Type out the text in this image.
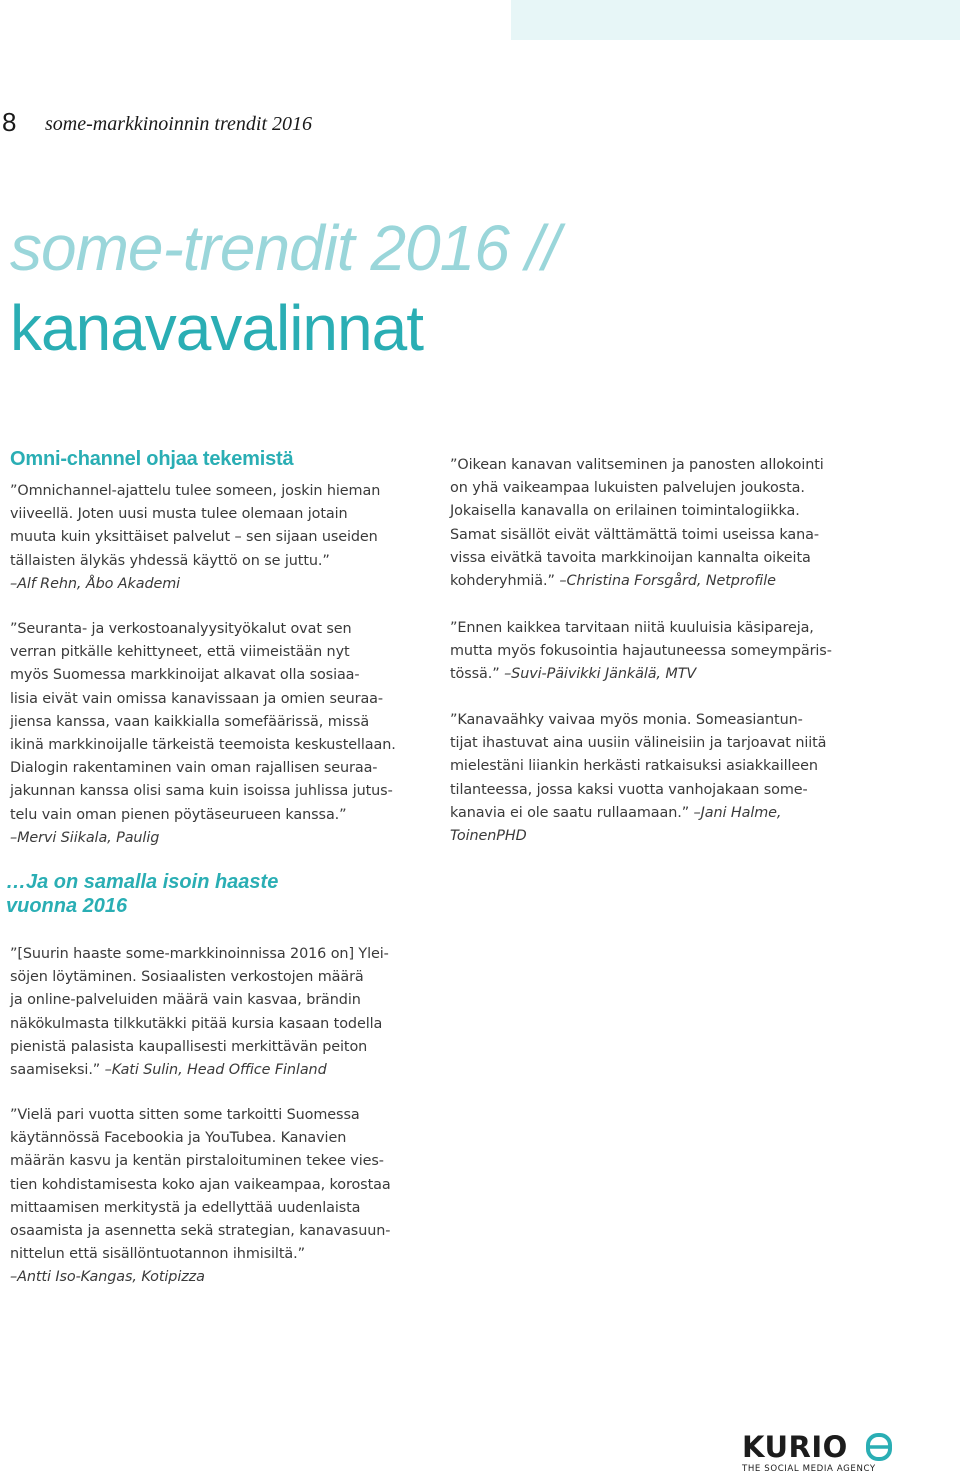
8 some-markkinoinnin trendit 2016
some-trendit 2016 //
kanavavalinnat
Omni-channel ohjaa tekemistä

”Omnichannel-ajattelu tulee someen, joskin hieman

viiveellä. Joten uusi musta tulee olemaan jotain

muuta kuin yksittäiset palvelut – sen sijaan useiden

tällaisten älykäs yhdessä käyttö on se juttu.”

–Alf Rehn, Åbo Akademi

”Seuranta- ja verkostoanalyysityökalut ovat sen

verran pitkälle kehittyneet, että viimeistään nyt

myös Suomessa markkinoijat alkavat olla sosiaa-

lisia eivät vain omissa kanavissaan ja omien seuraa-

jiensa kanssa, vaan kaikkialla somefäärissä, missä

ikinä markkinoijalle tärkeistä teemoista keskustellaan.

Dialogin rakentaminen vain oman rajallisen seuraa-

jakunnan kanssa olisi sama kuin isoissa juhlissa jutus-

telu vain oman pienen pöytäseurueen kanssa.”

–Mervi Siikala, Paulig

…Ja on samalla isoin haaste
vuonna 2016

”[Suurin haaste some-markkinoinnissa 2016 on] Ylei-

söjen löytäminen. Sosiaalisten verkostojen määrä

ja online-palveluiden määrä vain kasvaa, brändin

näkökulmasta tilkkutäkki pitää kursia kasaan todella

pienistä palasista kaupallisesti merkittävän peiton

saamiseksi.” –Kati Sulin, Head Office Finland

”Vielä pari vuotta sitten some tarkoitti Suomessa

käytännössä Facebookia ja YouTubea. Kanavien

määrän kasvu ja kentän pirstaloituminen tekee vies-

tien kohdistamisesta koko ajan vaikeampaa, korostaa

mittaamisen merkitystä ja edellyttää uudenlaista

osaamista ja asennetta sekä strategian, kanavasuun-

nittelun että sisällöntuotannon ihmisiltä.”

–Antti Iso-Kangas, Kotipizza

”Oikean kanavan valitseminen ja panosten allokointi

on yhä vaikeampaa lukuisten palvelujen joukosta.

Jokaisella kanavalla on erilainen toimintalogiikka.

Samat sisällöt eivät välttämättä toimi useissa kana-

vissa eivätkä tavoita markkinoijan kannalta oikeita

kohderyhmiä.” –Christina Forsgård, Netprofile

”Ennen kaikkea tarvitaan niitä kuuluisia käsipareja,

mutta myös fokusointia hajautuneessa someympäris-

tössä.” –Suvi-Päivikki Jänkälä, MTV

”Kanavaähky vaivaa myös monia. Someasiantun-

tijat ihastuvat aina uusiin välineisiin ja tarjoavat niitä

mielestäni liiankin herkästi ratkaisuksi asiakkailleen

tilanteessa, jossa kaksi vuotta vanhojakaan some-

kanavia ei ole saatu rullaamaan.” –Jani Halme,

ToinenPHD

KURIO
THE SOCIAL MEDIA AGENCY
